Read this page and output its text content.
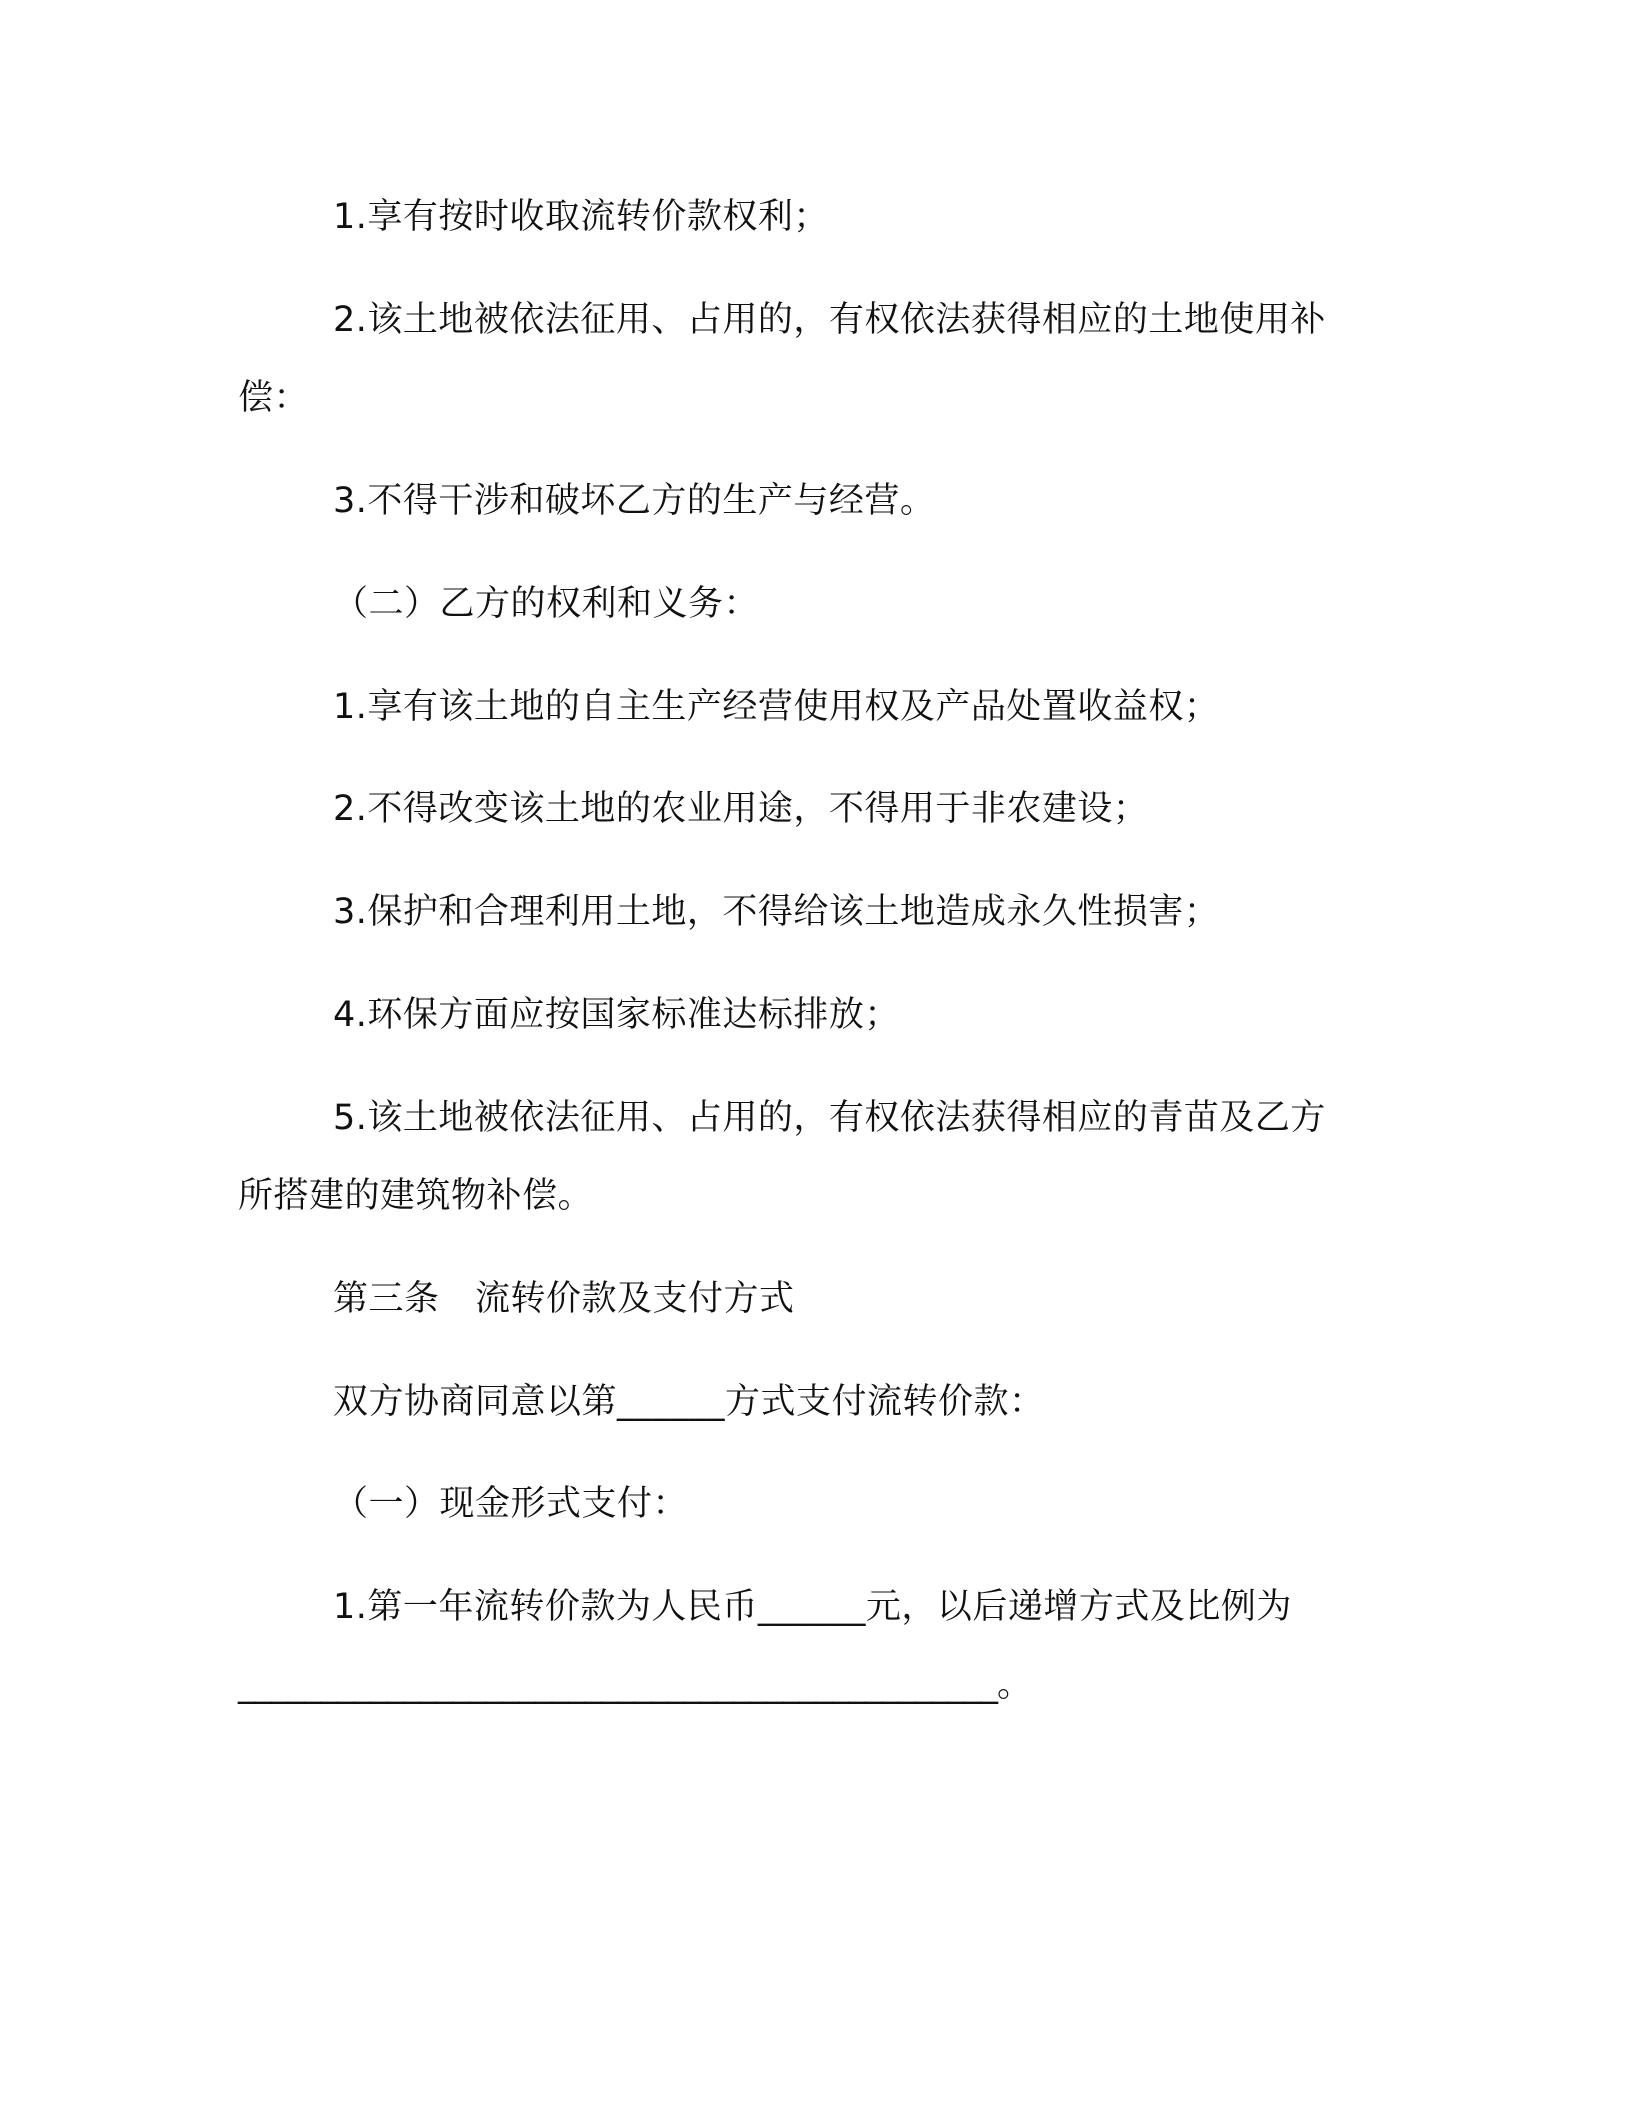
1.享有按时收取流转价款权利；
2.该土地被依法征用、占用的，有权依法获得相应的土地使用补
偿：
3.不得干涉和破坏乙方的生产与经营。
（二）乙方的权利和义务：
1.享有该土地的自主生产经营使用权及产品处置收益权；
2.不得改变该土地的农业用途，不得用于非农建设；
3.保护和合理利用土地，不得给该土地造成永久性损害；
4.环保方面应按国家标准达标排放；
5.该土地被依法征用、占用的，有权依法获得相应的青苗及乙方
所搭建的建筑物补偿。
第三条　流转价款及支付方式
双方协商同意以第______方式支付流转价款：
（一）现金形式支付：
1.第一年流转价款为人民币______元，以后递增方式及比例为
______________________________________________。
